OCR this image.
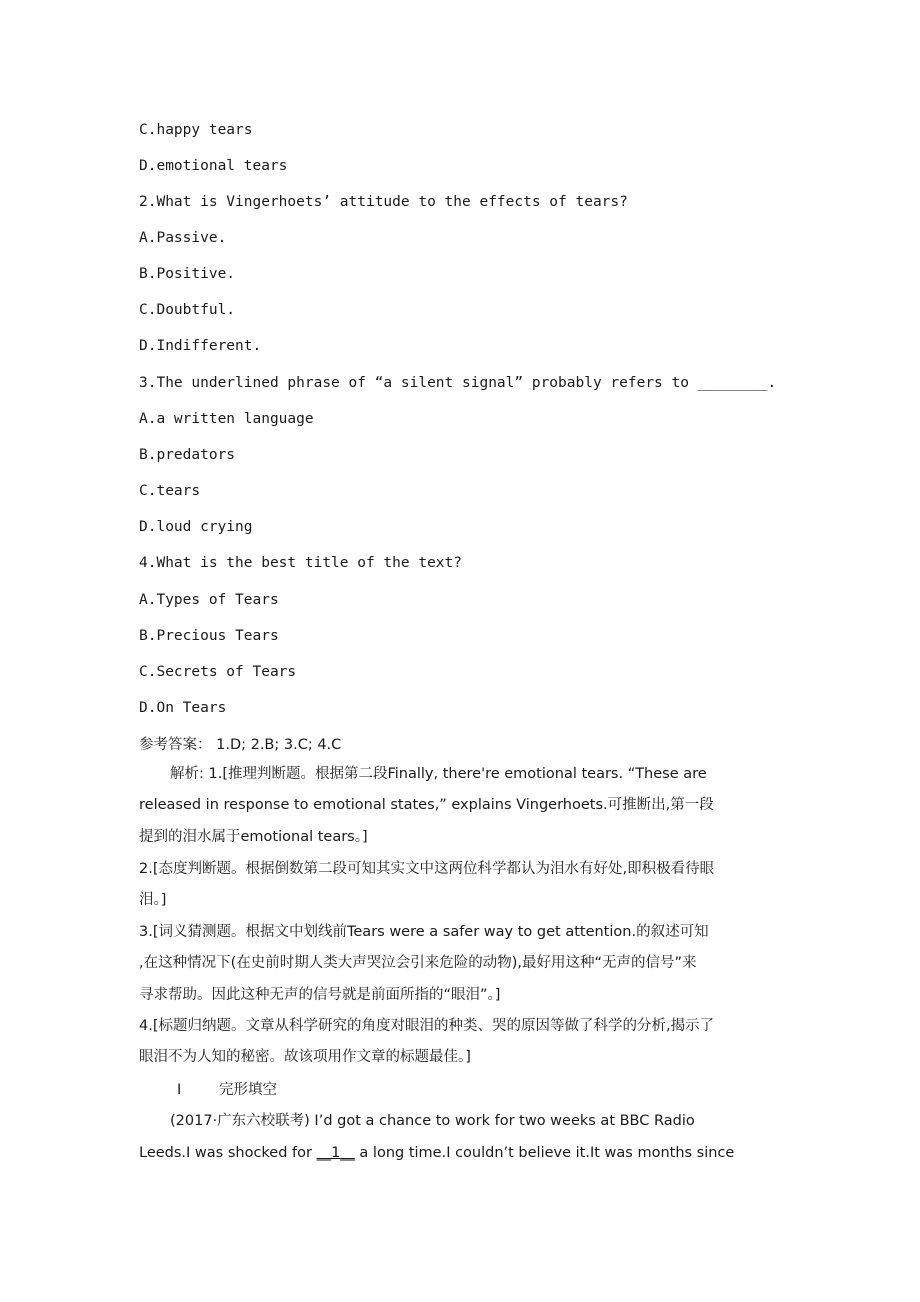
C.happy tears
D.emotional tears
2.What is Vingerhoets’ attitude to the effects of tears?
A.Passive.
B.Positive.
C.Doubtful.
D.Indifferent.
3.The underlined phrase of “a silent signal” probably refers to ________.
A.a written language
B.predators
C.tears
D.loud crying
4.What is the best title of the text?
A.Types of Tears
B.Precious Tears
C.Secrets of Tears
D.On Tears
参考答案： 1.D; 2.B; 3.C; 4.C
解析: 1.[推理判断题。根据第二段Finally, there're emotional tears. “These are
released in response to emotional states,” explains Vingerhoets.可推断出,第一段
提到的泪水属于emotional tears。]
2.[态度判断题。根据倒数第二段可知其实文中这两位科学都认为泪水有好处,即积极看待眼
泪。]
3.[词义猜测题。根据文中划线前Tears were a safer way to get attention.的叙述可知
,在这种情况下(在史前时期人类大声哭泣会引来危险的动物),最好用这种“无声的信号”来
寻求帮助。因此这种无声的信号就是前面所指的“眼泪”。]
4.[标题归纳题。文章从科学研究的角度对眼泪的种类、哭的原因等做了科学的分析,揭示了
眼泪不为人知的秘密。故该项用作文章的标题最佳。]
Ⅰ	完形填空
(2017·广东六校联考) I’d got a chance to work for two weeks at BBC Radio
Leeds.I was shocked for __1__ a long time.I couldn’t believe it.It was months since
